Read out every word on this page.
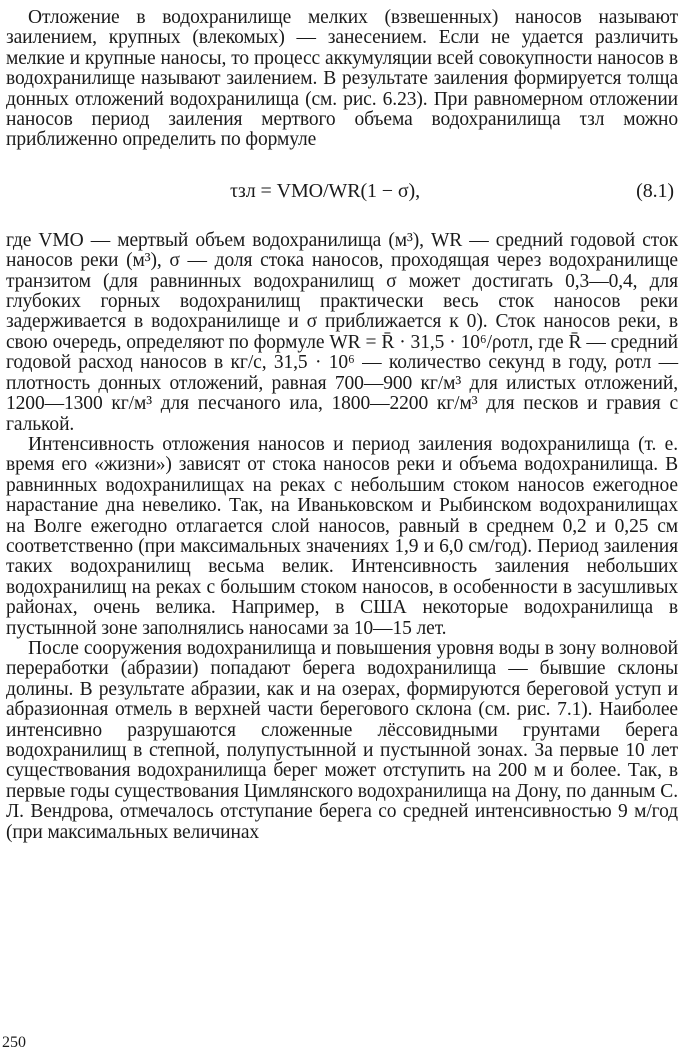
Отложение в водохранилище мелких (взвешенных) наносов называют заилением, крупных (влекомых) — занесением. Если не удается различить мелкие и крупные наносы, то процесс аккумуляции всей совокупности наносов в водохранилище называют заилением. В результате заиления формируется толща донных отложений водохранилища (см. рис. 6.23). При равномерном отложении наносов период заиления мертвого объема водохранилища τзл можно приближенно определить по формуле

τзл = VМО/WR(1 − σ),	(8.1)

где VМО — мертвый объем водохранилища (м³), WR — средний годовой сток наносов реки (м³), σ — доля стока наносов, проходящая через водохранилище транзитом (для равнинных водохранилищ σ может достигать 0,3—0,4, для глубоких горных водохранилищ практически весь сток наносов реки задерживается в водохранилище и σ приближается к 0). Сток наносов реки, в свою очередь, определяют по формуле WR = R̄ · 31,5 · 10⁶/ρотл, где R̄ — средний годовой расход наносов в кг/с, 31,5 · 10⁶ — количество секунд в году, ρотл — плотность донных отложений, равная 700—900 кг/м³ для илистых отложений, 1200—1300 кг/м³ для песчаного ила, 1800—2200 кг/м³ для песков и гравия с галькой.

Интенсивность отложения наносов и период заиления водохранилища (т. е. время его «жизни») зависят от стока наносов реки и объема водохранилища. В равнинных водохранилищах на реках с небольшим стоком наносов ежегодное нарастание дна невелико. Так, на Иваньковском и Рыбинском водохранилищах на Волге ежегодно отлагается слой наносов, равный в среднем 0,2 и 0,25 см соответственно (при максимальных значениях 1,9 и 6,0 см/год). Период заиления таких водохранилищ весьма велик. Интенсивность заиления небольших водохранилищ на реках с большим стоком наносов, в особенности в засушливых районах, очень велика. Например, в США некоторые водохранилища в пустынной зоне заполнялись наносами за 10—15 лет.

После сооружения водохранилища и повышения уровня воды в зону волновой переработки (абразии) попадают берега водохранилища — бывшие склоны долины. В результате абразии, как и на озерах, формируются береговой уступ и абразионная отмель в верхней части берегового склона (см. рис. 7.1). Наиболее интенсивно разрушаются сложенные лёссовидными грунтами берега водохранилищ в степной, полупустынной и пустынной зонах. За первые 10 лет существования водохранилища берег может отступить на 200 м и более. Так, в первые годы существования Цимлянского водохранилища на Дону, по данным С. Л. Вендрова, отмечалось отступание берега со средней интенсивностью 9 м/год (при максимальных величинах

250
